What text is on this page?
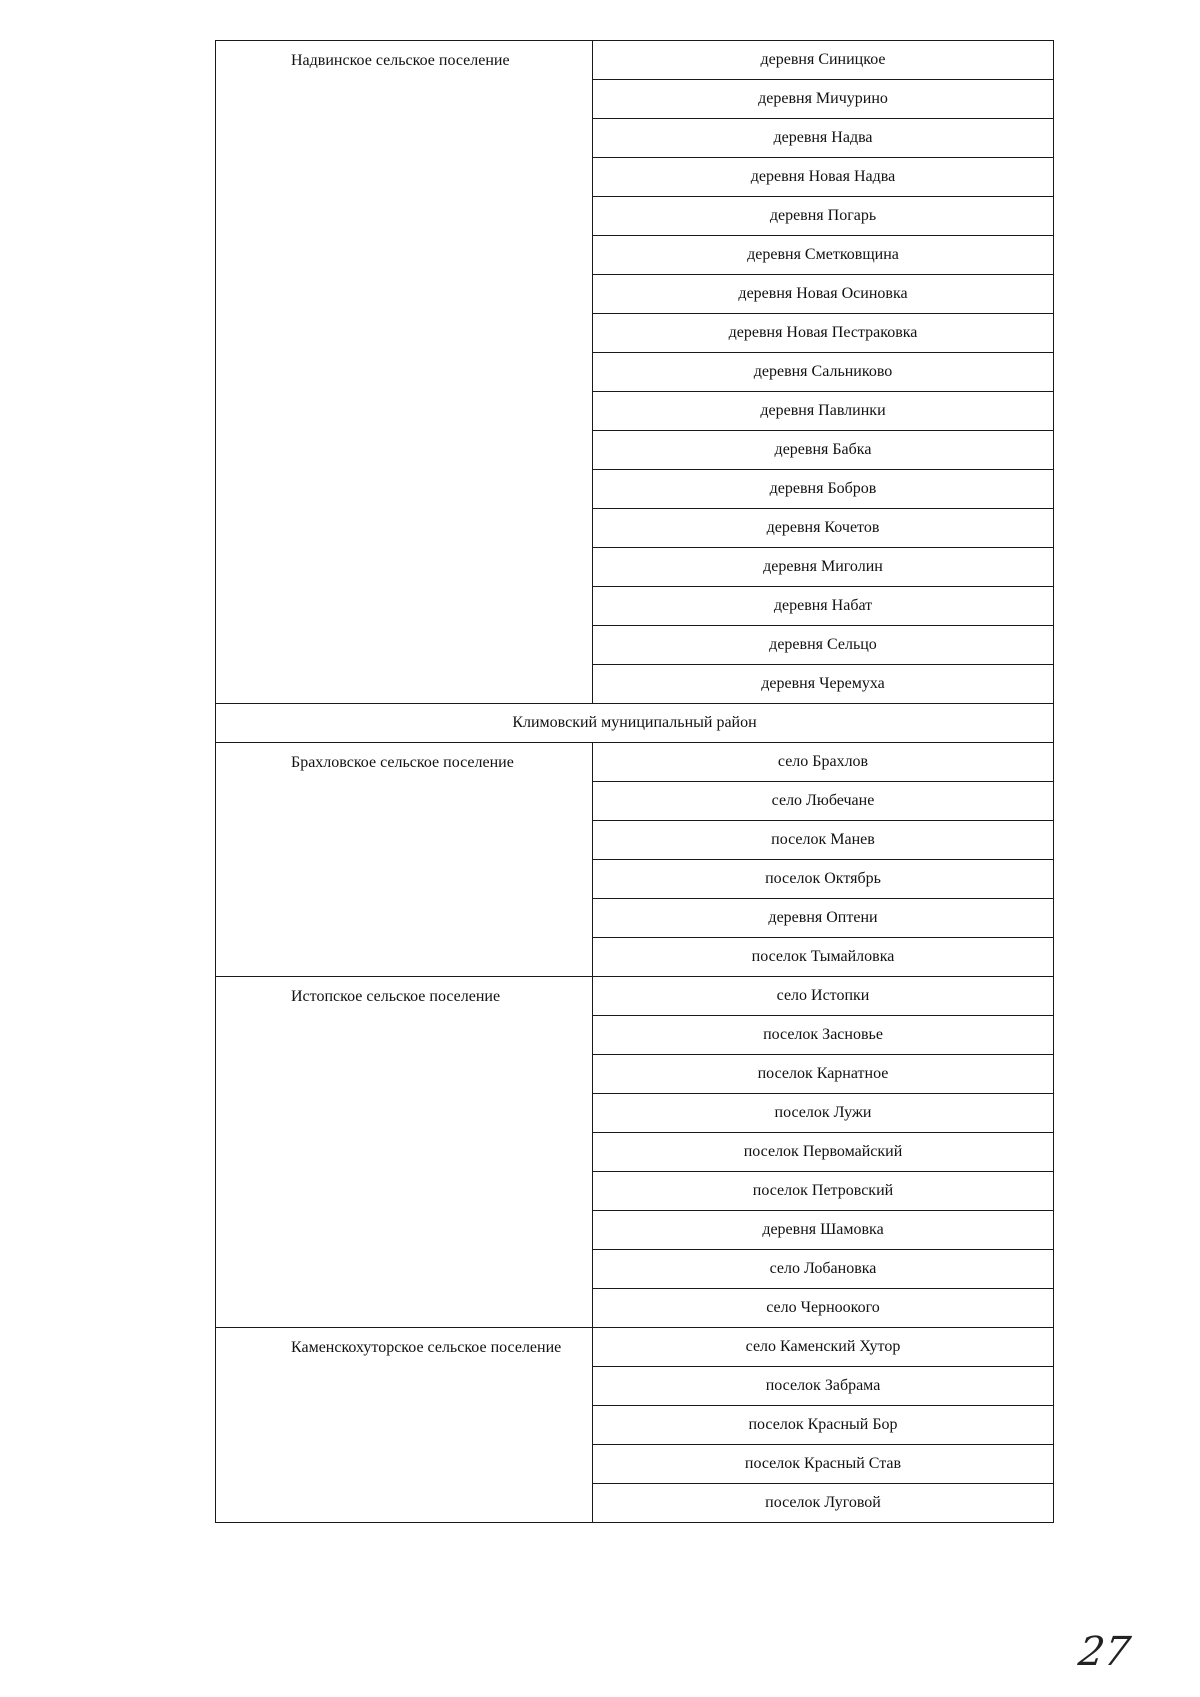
Надвинское сельское поселение	деревня Синицкое
	деревня Мичурино
	деревня Надва
	деревня Новая Надва
	деревня Погарь
	деревня Сметковщина
	деревня Новая Осиновка
	деревня Новая Пестраковка
	деревня Сальниково
	деревня Павлинки
	деревня Бабка
	деревня Бобров
	деревня Кочетов
	деревня Миголин
	деревня Набат
	деревня Сельцо
	деревня Черемуха
Климовский муниципальный район	
Брахловское сельское поселение	село Брахлов
	село Любечане
	поселок Манев
	поселок Октябрь
	деревня Оптени
	поселок Тымайловка
Истопское сельское поселение	село Истопки
	поселок Засновье
	поселок Карнатное
	поселок Лужи
	поселок Первомайский
	поселок Петровский
	деревня Шамовка
	село Лобановка
	село Черноокого
Каменскохуторское сельское поселение	село Каменский Хутор
	поселок Забрама
	поселок Красный Бор
	поселок Красный Став
	поселок Луговой
27
